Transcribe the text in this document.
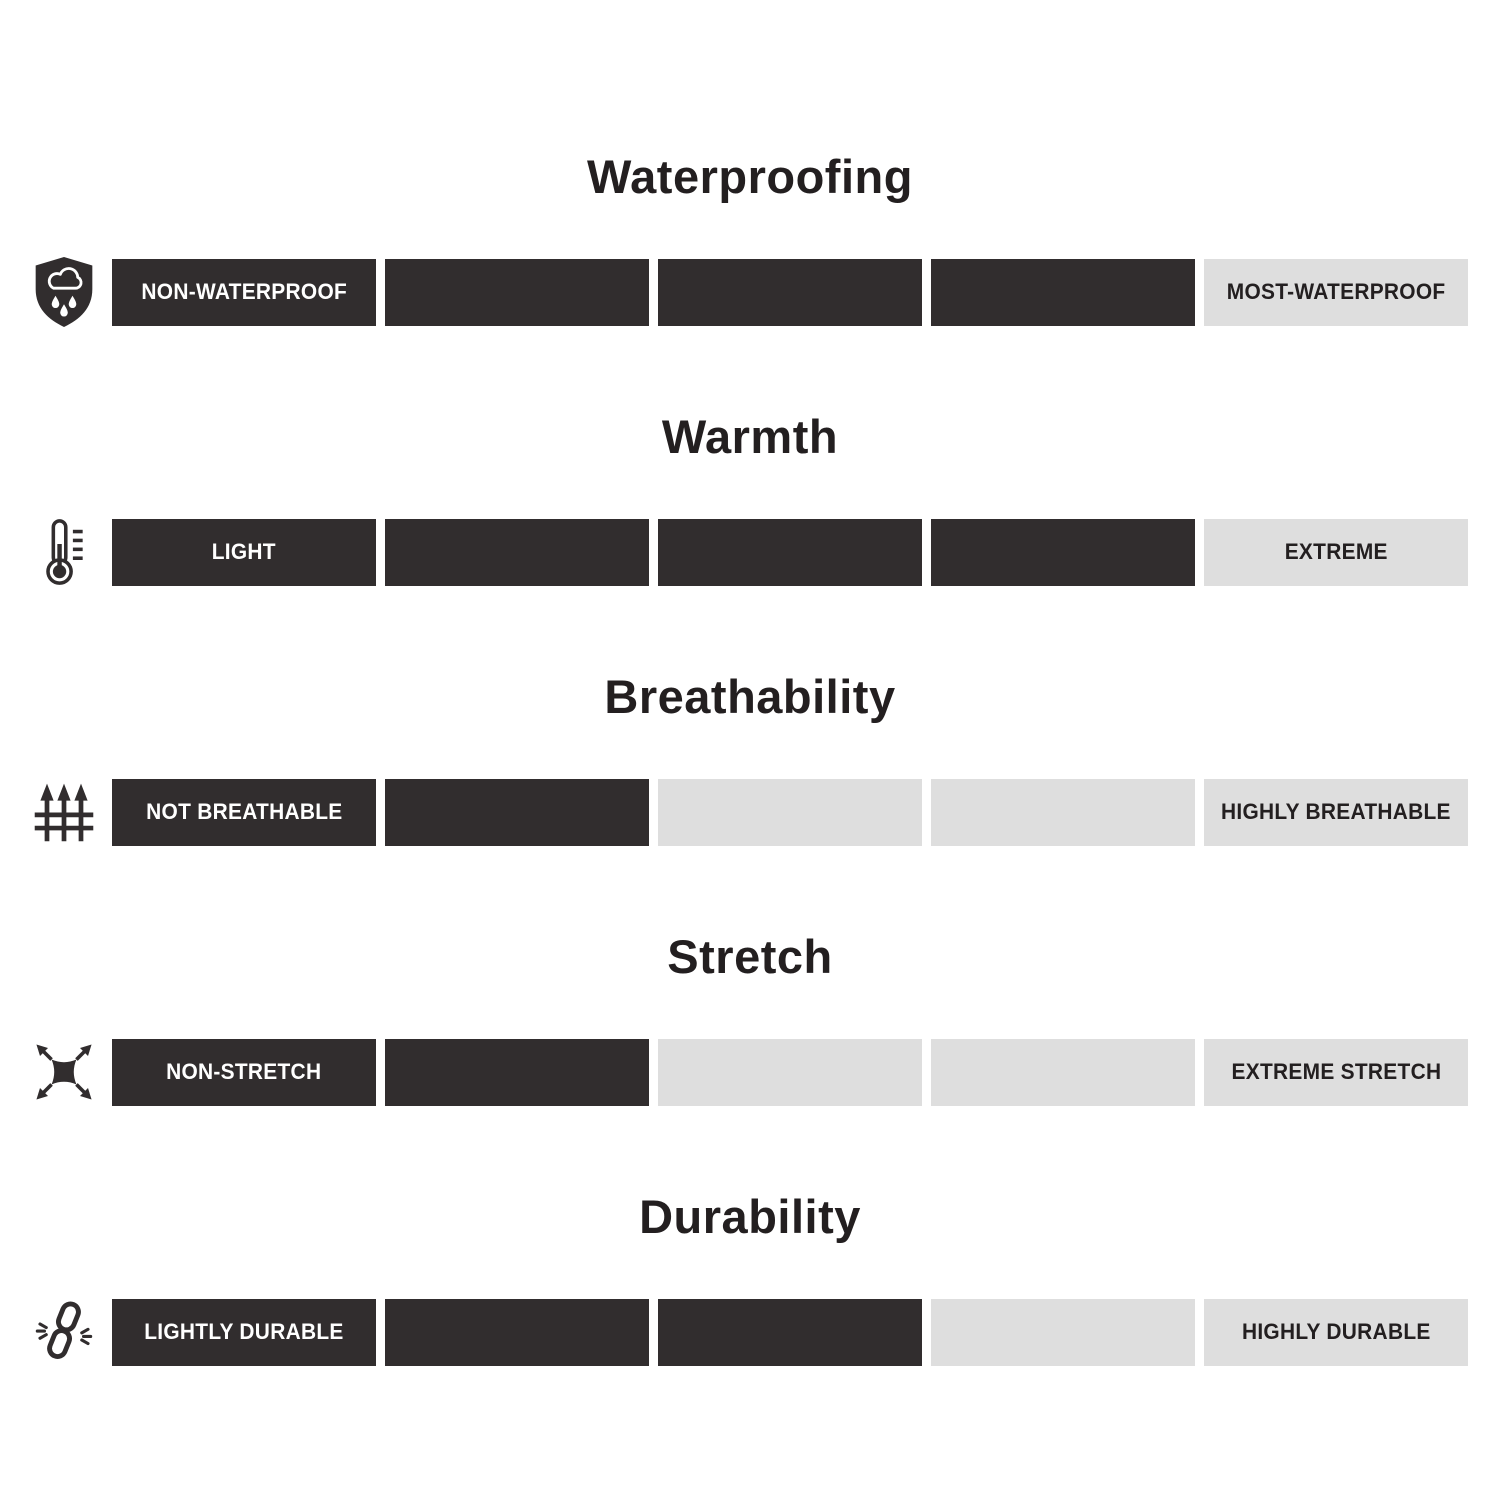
Waterproofing
NON-WATERPROOF	MOST-WATERPROOF
Warmth
LIGHT	EXTREME
Breathability
NOT BREATHABLE	HIGHLY BREATHABLE
Stretch
NON-STRETCH	EXTREME STRETCH
Durability
LIGHTLY DURABLE	HIGHLY DURABLE
